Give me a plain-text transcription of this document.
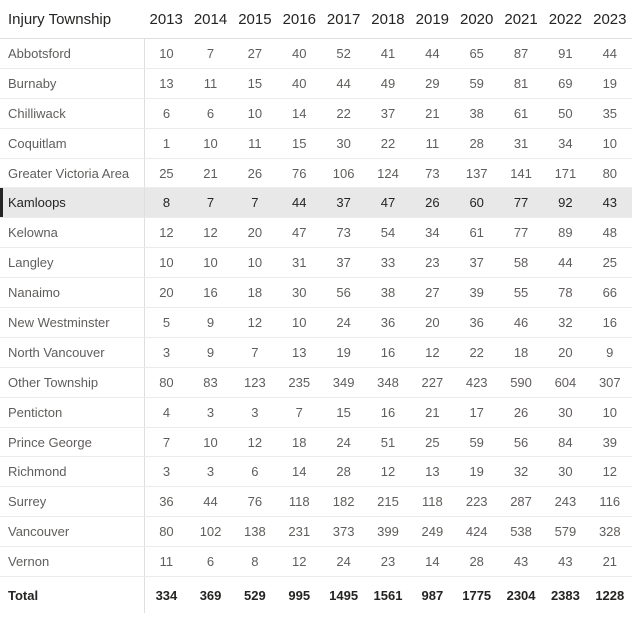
Injury Township	2013	2014	2015	2016	2017	2018	2019	2020	2021	2022	2023
Abbotsford	10	7	27	40	52	41	44	65	87	91	44
Burnaby	13	11	15	40	44	49	29	59	81	69	19
Chilliwack	6	6	10	14	22	37	21	38	61	50	35
Coquitlam	1	10	11	15	30	22	11	28	31	34	10
Greater Victoria Area	25	21	26	76	106	124	73	137	141	171	80
Kamloops	8	7	7	44	37	47	26	60	77	92	43
Kelowna	12	12	20	47	73	54	34	61	77	89	48
Langley	10	10	10	31	37	33	23	37	58	44	25
Nanaimo	20	16	18	30	56	38	27	39	55	78	66
New Westminster	5	9	12	10	24	36	20	36	46	32	16
North Vancouver	3	9	7	13	19	16	12	22	18	20	9
Other Township	80	83	123	235	349	348	227	423	590	604	307
Penticton	4	3	3	7	15	16	21	17	26	30	10
Prince George	7	10	12	18	24	51	25	59	56	84	39
Richmond	3	3	6	14	28	12	13	19	32	30	12
Surrey	36	44	76	118	182	215	118	223	287	243	116
Vancouver	80	102	138	231	373	399	249	424	538	579	328
Vernon	11	6	8	12	24	23	14	28	43	43	21
Total	334	369	529	995	1495	1561	987	1775	2304	2383	1228
